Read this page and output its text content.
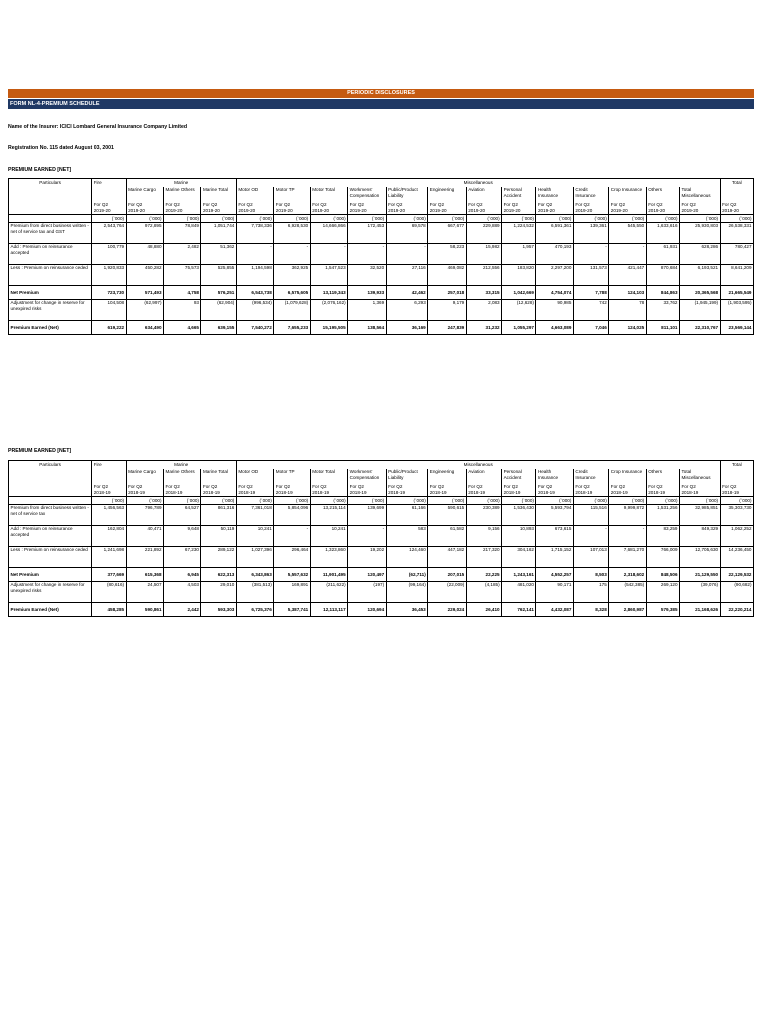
PERIODIC DISCLOSURES
FORM NL-4-PREMIUM SCHEDULE
Name of the Insurer: ICICI Lombard General Insurance Company Limited
Registration No. 115 dated August 03, 2001
PREMIUM EARNED [NET]
PREMIUM EARNED [NET]
Particulars	Fire	Marine			Miscellaneous													Total
		Marine Cargo	Marine Others	Marine Total	Motor OD	Motor TP	Motor Total	Workmens' Compensation	Public/Product Liability	Engineering	Aviation	Personal Accident	Health Insurance	Credit Insurance	Crop Insurance	Others	Total Miscellaneous	
	For Q2	For Q2	For Q2	For Q2	For Q2	For Q2	For Q2	For Q2	For Q2	For Q2	For Q2	For Q2	For Q2	For Q2	For Q2	For Q2	For Q2	For Q2
	2019-20	2019-20	2019-20	2019-20	2019-20	2019-20	2019-20	2019-20	2019-20	2019-20	2019-20	2019-20	2019-20	2019-20	2019-20	2019-20	2019-20	2019-20
	(`000)	(`000)	(`000)	(`000)	(`000)	(`000)	(`000)	(`000)	(`000)	(`000)	(`000)	(`000)	(`000)	(`000)	(`000)	(`000)	(`000)	(`000)
Premium from direct business written - net of service tax and GST	2,543,764	972,895	78,849	1,051,744	7,738,336	6,928,530	14,666,866	172,453	69,578	667,677	229,889	1,224,532	6,591,361	139,361	545,550	1,633,616	25,930,803	26,538,331
Add : Premium on reinsurance accepted	100,779	48,880	2,482	51,362	-	-	-	-	-	58,223	15,982	1,957	470,193	-	-	61,931	628,286	780,427
Less : Premium on reinsurance ceded	1,920,833	450,282	75,573	525,855	1,194,598	362,925	1,547,523	32,520	27,116	469,082	212,556	183,820	2,297,200	131,573	421,447	870,684	6,193,521	8,641,209
Net Premium	723,730	571,493	4,758	576,251	6,543,738	6,575,605	13,119,343	139,933	42,462	257,018	33,315	1,042,669	4,754,074	7,788	124,103	844,863	20,365,568	21,665,549
Adjustment for change in reserve for unexpired risks	104,508	(62,997)	93	(62,904)	(996,534)	(1,079,628)	(2,076,162)	1,369	6,293	9,179	2,083	(12,628)	90,985	742	78	33,762	(1,945,199)	(1,903,595)
Premium Earned (Net)	619,222	634,490	4,665	639,155	7,540,272	7,655,233	15,195,505	138,564	36,169	247,839	31,232	1,055,297	4,663,089	7,046	124,025	811,101	22,310,767	23,569,144
Particulars	Fire	Marine			Miscellaneous													Total
		Marine Cargo	Marine Others	Marine Total	Motor OD	Motor TP	Motor Total	Workmens' Compensation	Public/Product Liability	Engineering	Aviation	Personal Accident	Health Insurance	Credit Insurance	Crop Insurance	Others	Total Miscellaneous	
	For Q2	For Q2	For Q2	For Q2	For Q2	For Q2	For Q2	For Q2	For Q2	For Q2	For Q2	For Q2	For Q2	For Q2	For Q2	For Q2	For Q2	For Q2
	2018-19	2018-19	2018-19	2018-19	2018-19	2018-19	2018-19	2018-19	2018-19	2018-19	2018-19	2018-19	2018-19	2018-19	2018-19	2018-19	2018-19	2018-19
	(`000)	(`000)	(`000)	(`000)	(`000)	(`000)	(`000)	(`000)	(`000)	(`000)	(`000)	(`000)	(`000)	(`000)	(`000)	(`000)	(`000)	(`000)
Premium from direct business written - net of service tax	1,456,563	796,789	64,527	861,316	7,361,018	5,854,096	13,215,114	139,699	61,166	590,615	230,389	1,536,430	5,593,794	115,516	9,999,872	1,531,256	32,985,851	35,303,730
Add : Premium on reinsurance accepted	162,804	40,471	9,648	50,119	10,241	-	10,241	-	583	61,582	9,156	10,893	673,615	-	-	83,259	849,329	1,062,252
Less : Premium on reinsurance ceded	1,241,698	221,892	67,230	289,122	1,027,396	296,464	1,323,860	19,202	124,460	447,182	217,320	304,162	1,715,152	107,013	7,681,270	766,009	12,705,630	14,236,450
Net Premium	377,669	615,368	6,945	622,313	6,343,863	5,557,632	11,901,495	120,497	(62,711)	207,015	22,225	1,243,161	4,552,257	8,503	2,318,602	848,506	21,129,550	22,129,532
Adjustment for change in reserve for unexpired risks	(80,616)	24,507	4,503	29,010	(381,513)	169,891	(211,622)	(197)	(99,164)	(22,009)	(4,185)	481,020	90,171	175	(542,385)	269,120	(39,076)	(90,682)
Premium Earned (Net)	458,285	590,861	2,442	593,303	6,725,376	5,387,741	12,113,117	120,694	36,453	229,024	26,410	762,141	4,432,087	8,328	2,860,987	579,385	21,168,626	22,220,214
